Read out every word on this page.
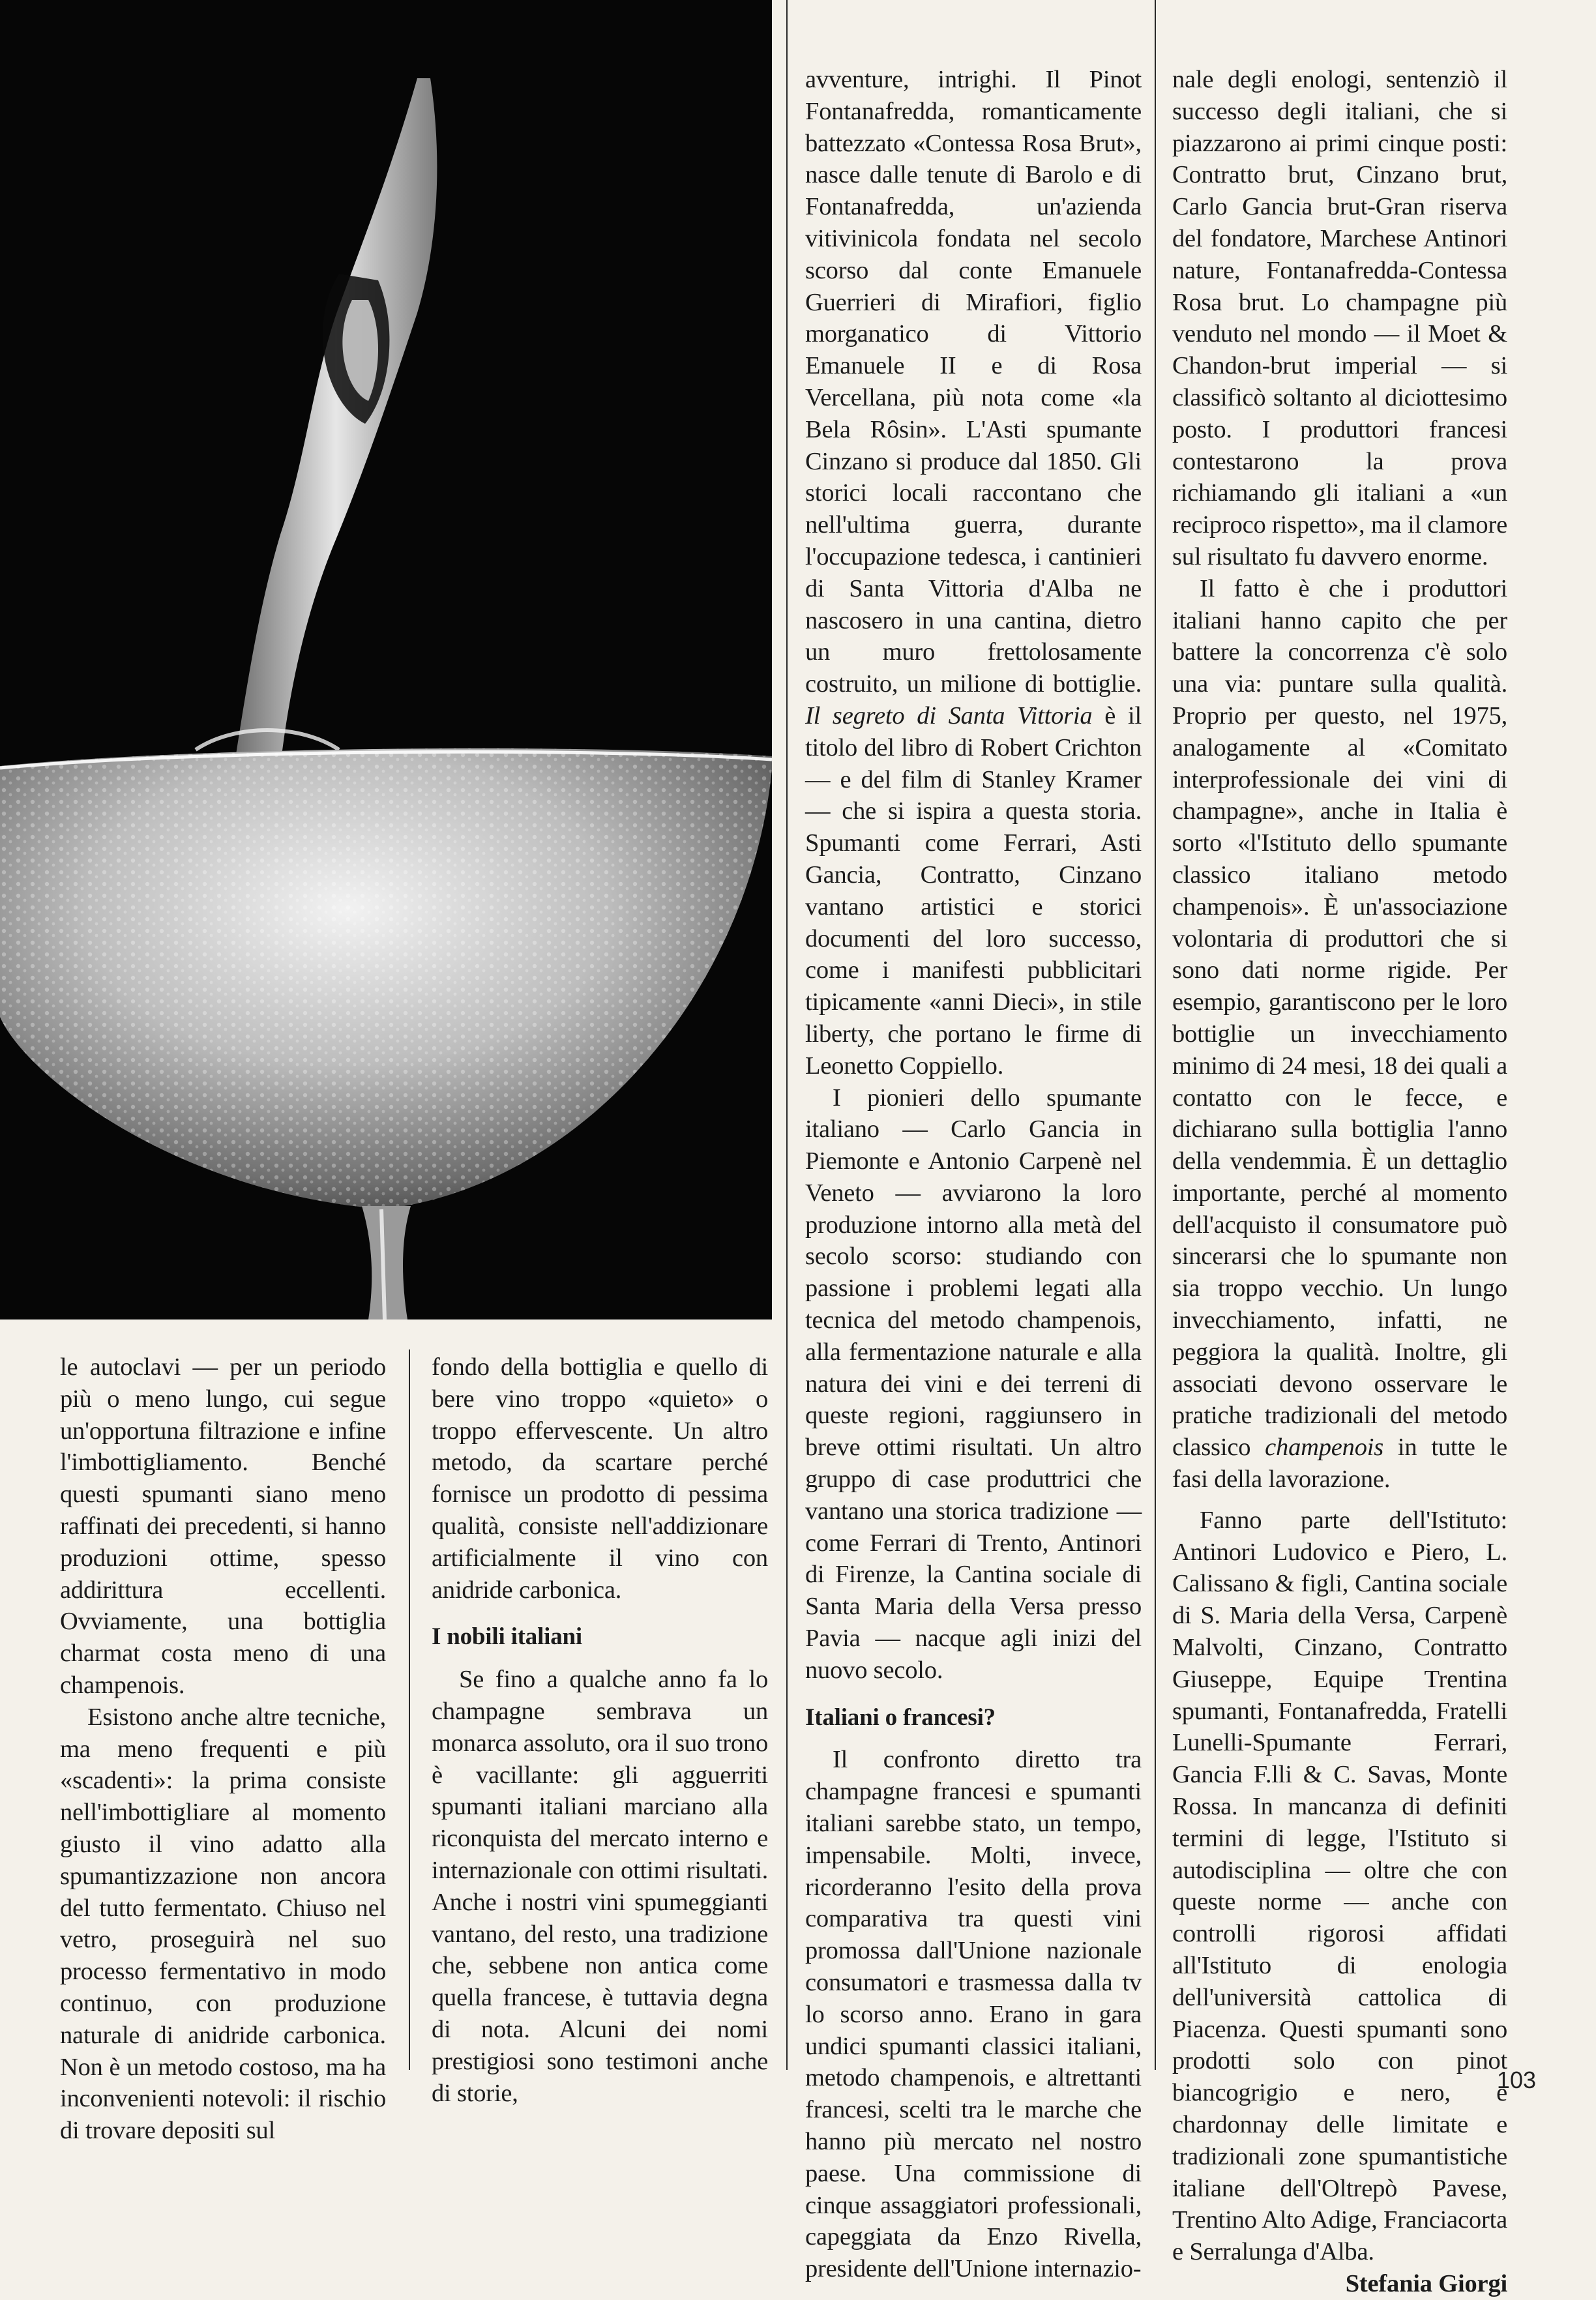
le autoclavi — per un periodo più o meno lungo, cui segue un'opportuna filtrazione e infine l'imbottigliamento. Benché questi spumanti siano meno raffinati dei precedenti, si hanno produzioni ottime, spesso addirittura eccellenti. Ovviamente, una bottiglia charmat costa meno di una champenois.

Esistono anche altre tecniche, ma meno frequenti e più «scadenti»: la prima consiste nell'imbottigliare al momento giusto il vino adatto alla spumantizzazione non ancora del tutto fermentato. Chiuso nel vetro, proseguirà nel suo processo fermentativo in modo continuo, con produzione naturale di anidride carbonica. Non è un metodo costoso, ma ha inconvenienti notevoli: il rischio di trovare depositi sul

fondo della bottiglia e quello di bere vino troppo «quieto» o troppo effervescente. Un altro metodo, da scartare perché fornisce un prodotto di pessima qualità, consiste nell'addizionare artificialmente il vino con anidride carbonica.

I nobili italiani

Se fino a qualche anno fa lo champagne sembrava un monarca assoluto, ora il suo trono è vacillante: gli agguerriti spumanti italiani marciano alla riconquista del mercato interno e internazionale con ottimi risultati. Anche i nostri vini spumeggianti vantano, del resto, una tradizione che, sebbene non antica come quella francese, è tuttavia degna di nota. Alcuni dei nomi prestigiosi sono testimoni anche di storie,

avventure, intrighi. Il Pinot Fontanafredda, romanticamente battezzato «Contessa Rosa Brut», nasce dalle tenute di Barolo e di Fontanafredda, un'azienda vitivinicola fondata nel secolo scorso dal conte Emanuele Guerrieri di Mirafiori, figlio morganatico di Vittorio Emanuele II e di Rosa Vercellana, più nota come «la Bela Rôsin». L'Asti spumante Cinzano si produce dal 1850. Gli storici locali raccontano che nell'ultima guerra, durante l'occupazione tedesca, i cantinieri di Santa Vittoria d'Alba ne nascosero in una cantina, dietro un muro frettolosamente costruito, un milione di bottiglie. Il segreto di Santa Vittoria è il titolo del libro di Robert Crichton — e del film di Stanley Kramer — che si ispira a questa storia. Spumanti come Ferrari, Asti Gancia, Contratto, Cinzano vantano artistici e storici documenti del loro successo, come i manifesti pubblicitari tipicamente «anni Dieci», in stile liberty, che portano le firme di Leonetto Coppiello.

I pionieri dello spumante italiano — Carlo Gancia in Piemonte e Antonio Carpenè nel Veneto — avviarono la loro produzione intorno alla metà del secolo scorso: studiando con passione i problemi legati alla tecnica del metodo champenois, alla fermentazione naturale e alla natura dei vini e dei terreni di queste regioni, raggiunsero in breve ottimi risultati. Un altro gruppo di case produttrici che vantano una storica tradizione — come Ferrari di Trento, Antinori di Firenze, la Cantina sociale di Santa Maria della Versa presso Pavia — nacque agli inizi del nuovo secolo.

Italiani o francesi?

Il confronto diretto tra champagne francesi e spumanti italiani sarebbe stato, un tempo, impensabile. Molti, invece, ricorderanno l'esito della prova comparativa tra questi vini promossa dall'Unione nazionale consumatori e trasmessa dalla tv lo scorso anno. Erano in gara undici spumanti classici italiani, metodo champenois, e altrettanti francesi, scelti tra le marche che hanno più mercato nel nostro paese. Una commissione di cinque assaggiatori professionali, capeggiata da Enzo Rivella, presidente dell'Unione internazio-

nale degli enologi, sentenziò il successo degli italiani, che si piazzarono ai primi cinque posti: Contratto brut, Cinzano brut, Carlo Gancia brut-Gran riserva del fondatore, Marchese Antinori nature, Fontanafredda-Contessa Rosa brut. Lo champagne più venduto nel mondo — il Moet & Chandon-brut imperial — si classificò soltanto al diciottesimo posto. I produttori francesi contestarono la prova richiamando gli italiani a «un reciproco rispetto», ma il clamore sul risultato fu davvero enorme.

Il fatto è che i produttori italiani hanno capito che per battere la concorrenza c'è solo una via: puntare sulla qualità. Proprio per questo, nel 1975, analogamente al «Comitato interprofessionale dei vini di champagne», anche in Italia è sorto «l'Istituto dello spumante classico italiano metodo champenois». È un'associazione volontaria di produttori che si sono dati norme rigide. Per esempio, garantiscono per le loro bottiglie un invecchiamento minimo di 24 mesi, 18 dei quali a contatto con le fecce, e dichiarano sulla bottiglia l'anno della vendemmia. È un dettaglio importante, perché al momento dell'acquisto il consumatore può sincerarsi che lo spumante non sia troppo vecchio. Un lungo invecchiamento, infatti, ne peggiora la qualità. Inoltre, gli associati devono osservare le pratiche tradizionali del metodo classico champenois in tutte le fasi della lavorazione.

Fanno parte dell'Istituto: Antinori Ludovico e Piero, L. Calissano & figli, Cantina sociale di S. Maria della Versa, Carpenè Malvolti, Cinzano, Contratto Giuseppe, Equipe Trentina spumanti, Fontanafredda, Fratelli Lunelli-Spumante Ferrari, Gancia F.lli & C. Savas, Monte Rossa. In mancanza di definiti termini di legge, l'Istituto si autodisciplina — oltre che con queste norme — anche con controlli rigorosi affidati all'Istituto di enologia dell'università cattolica di Piacenza. Questi spumanti sono prodotti solo con pinot biancogrigio e nero, e chardonnay delle limitate e tradizionali zone spumantistiche italiane dell'Oltrepò Pavese, Trentino Alto Adige, Franciacorta e Serralunga d'Alba.

Stefania Giorgi

103
